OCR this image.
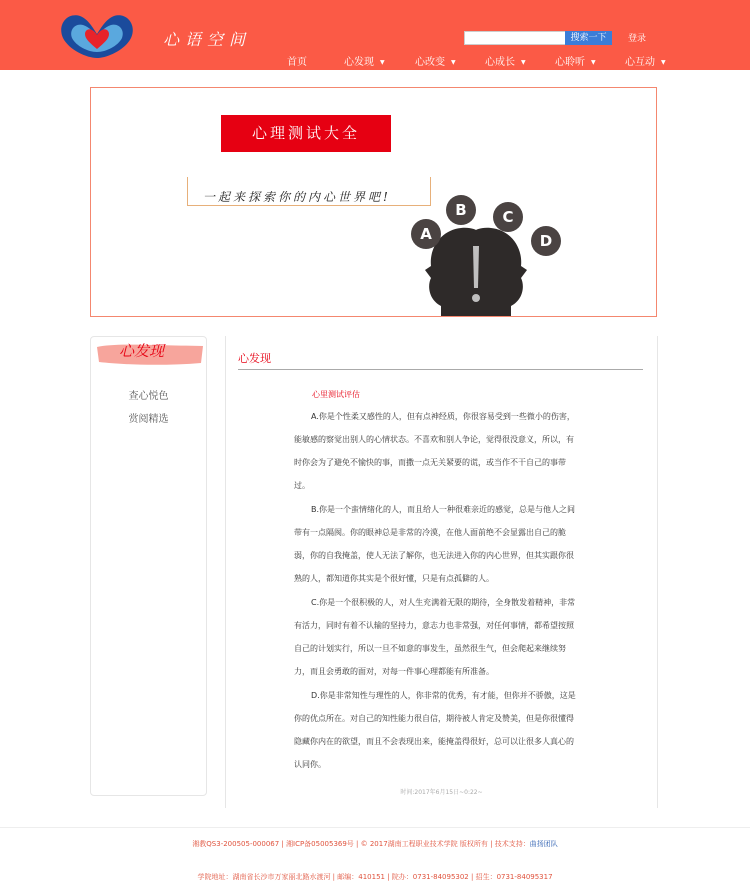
心语空间	搜索一下	登录
首页	心发现 ▼	心改变 ▼	心成长 ▼	心聆听 ▼	心互动 ▼
心理测试大全
一起来探索你的内心世界吧!
A
B	C
D
心发现
查心悦色
赏阅精选
心发现
心里测试评估
A.你是个性柔又感性的人，但有点神经质，你很容易受到一些微小的伤害，能敏感的察觉出别人的心情状态。不喜欢和别人争论，觉得很没意义，所以，有时你会为了避免不愉快的事，而撒一点无关紧要的谎，或当作不干自己的事带过。
B.你是一个蛮情绪化的人，而且给人一种很难亲近的感觉，总是与他人之间带有一点隔阂。你的眼神总是非常的冷漠，在他人面前绝不会显露出自己的脆弱，你的自我掩盖，使人无法了解你，也无法进入你的内心世界，但其实跟你很熟的人，都知道你其实是个很好懂，只是有点孤僻的人。
C.你是一个很积极的人，对人生充满着无限的期待，全身散发着精神，非常有活力，同时有着不认输的坚持力，意志力也非常强，对任何事情，都希望按照自己的计划实行，所以一旦不如意的事发生，虽然很生气，但会爬起来继续努力，而且会勇敢的面对，对每一件事心理都能有所准备。
D.你是非常知性与理性的人，你非常的优秀，有才能，但你并不骄傲，这是你的优点所在。对自己的知性能力很自信，期待被人肯定及赞美，但是你很懂得隐藏你内在的欲望，而且不会表现出来，能掩盖得很好，总可以让很多人真心的认同你。
时间:2017年6月15日~0:22~
湘教QS3-200505-000067 | 湘ICP备05005369号 | © 2017湖南工程职业技术学院 版权所有 | 技术支持：曲扬团队
学院地址：湖南省长沙市万家丽北路水渡河 | 邮编：410151 | 院办：0731-84095302 | 招生：0731-84095317
